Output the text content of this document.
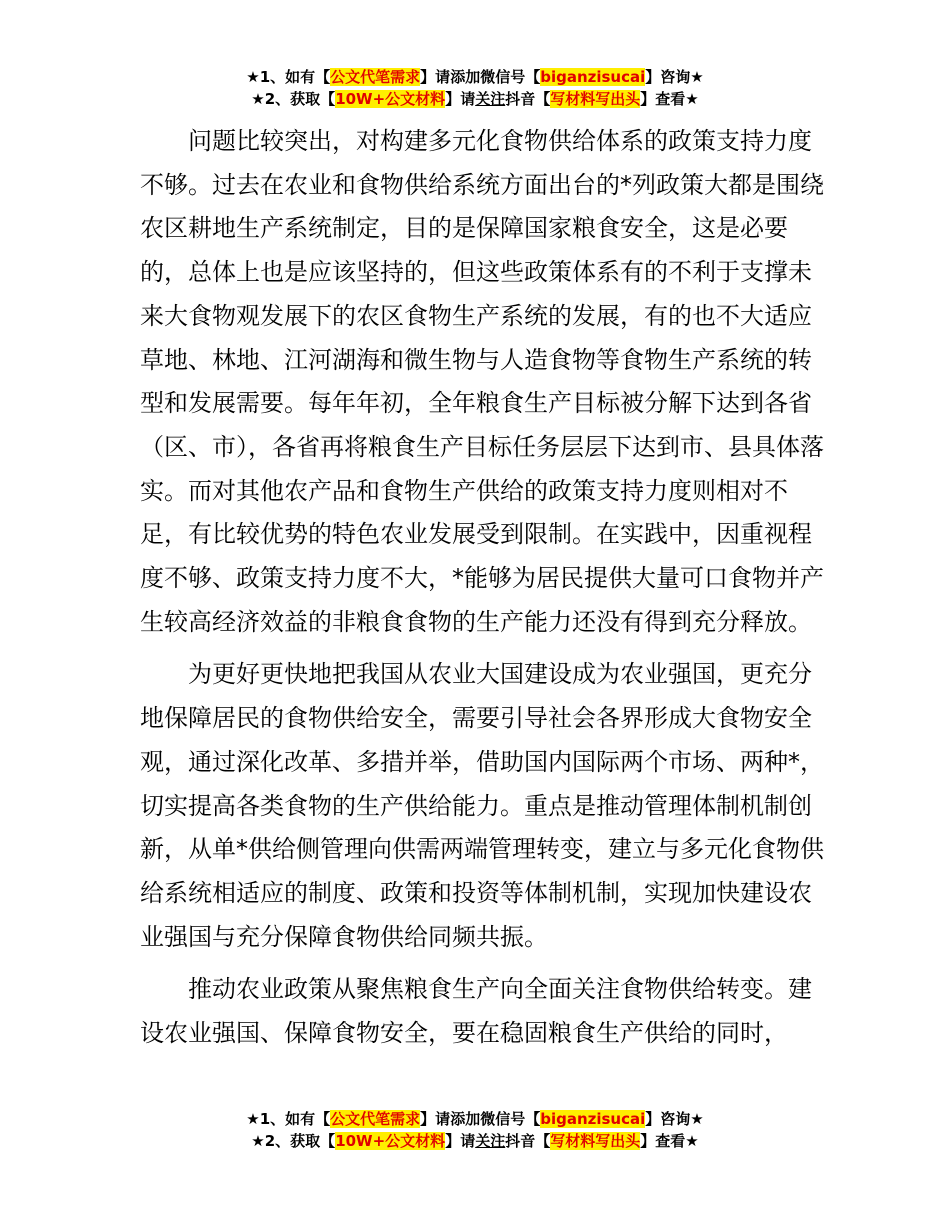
★1、如有【公文代笔需求】请添加微信号【biganzisucai】咨询★
★2、获取【10W+公文材料】请关注抖音【写材料写出头】查看★

问题比较突出，对构建多元化食物供给体系的政策支持力度不够。过去在农业和食物供给系统方面出台的*列政策大都是围绕农区耕地生产系统制定，目的是保障国家粮食安全，这是必要的，总体上也是应该坚持的，但这些政策体系有的不利于支撑未来大食物观发展下的农区食物生产系统的发展，有的也不大适应草地、林地、江河湖海和微生物与人造食物等食物生产系统的转型和发展需要。每年年初，全年粮食生产目标被分解下达到各省（区、市），各省再将粮食生产目标任务层层下达到市、县具体落实。而对其他农产品和食物生产供给的政策支持力度则相对不足，有比较优势的特色农业发展受到限制。在实践中，因重视程度不够、政策支持力度不大，*能够为居民提供大量可口食物并产生较高经济效益的非粮食食物的生产能力还没有得到充分释放。

为更好更快地把我国从农业大国建设成为农业强国，更充分地保障居民的食物供给安全，需要引导社会各界形成大食物安全观，通过深化改革、多措并举，借助国内国际两个市场、两种*，切实提高各类食物的生产供给能力。重点是推动管理体制机制创新，从单*供给侧管理向供需两端管理转变，建立与多元化食物供给系统相适应的制度、政策和投资等体制机制，实现加快建设农业强国与充分保障食物供给同频共振。

推动农业政策从聚焦粮食生产向全面关注食物供给转变。建设农业强国、保障食物安全，要在稳固粮食生产供给的同时，

★1、如有【公文代笔需求】请添加微信号【biganzisucai】咨询★
★2、获取【10W+公文材料】请关注抖音【写材料写出头】查看★
